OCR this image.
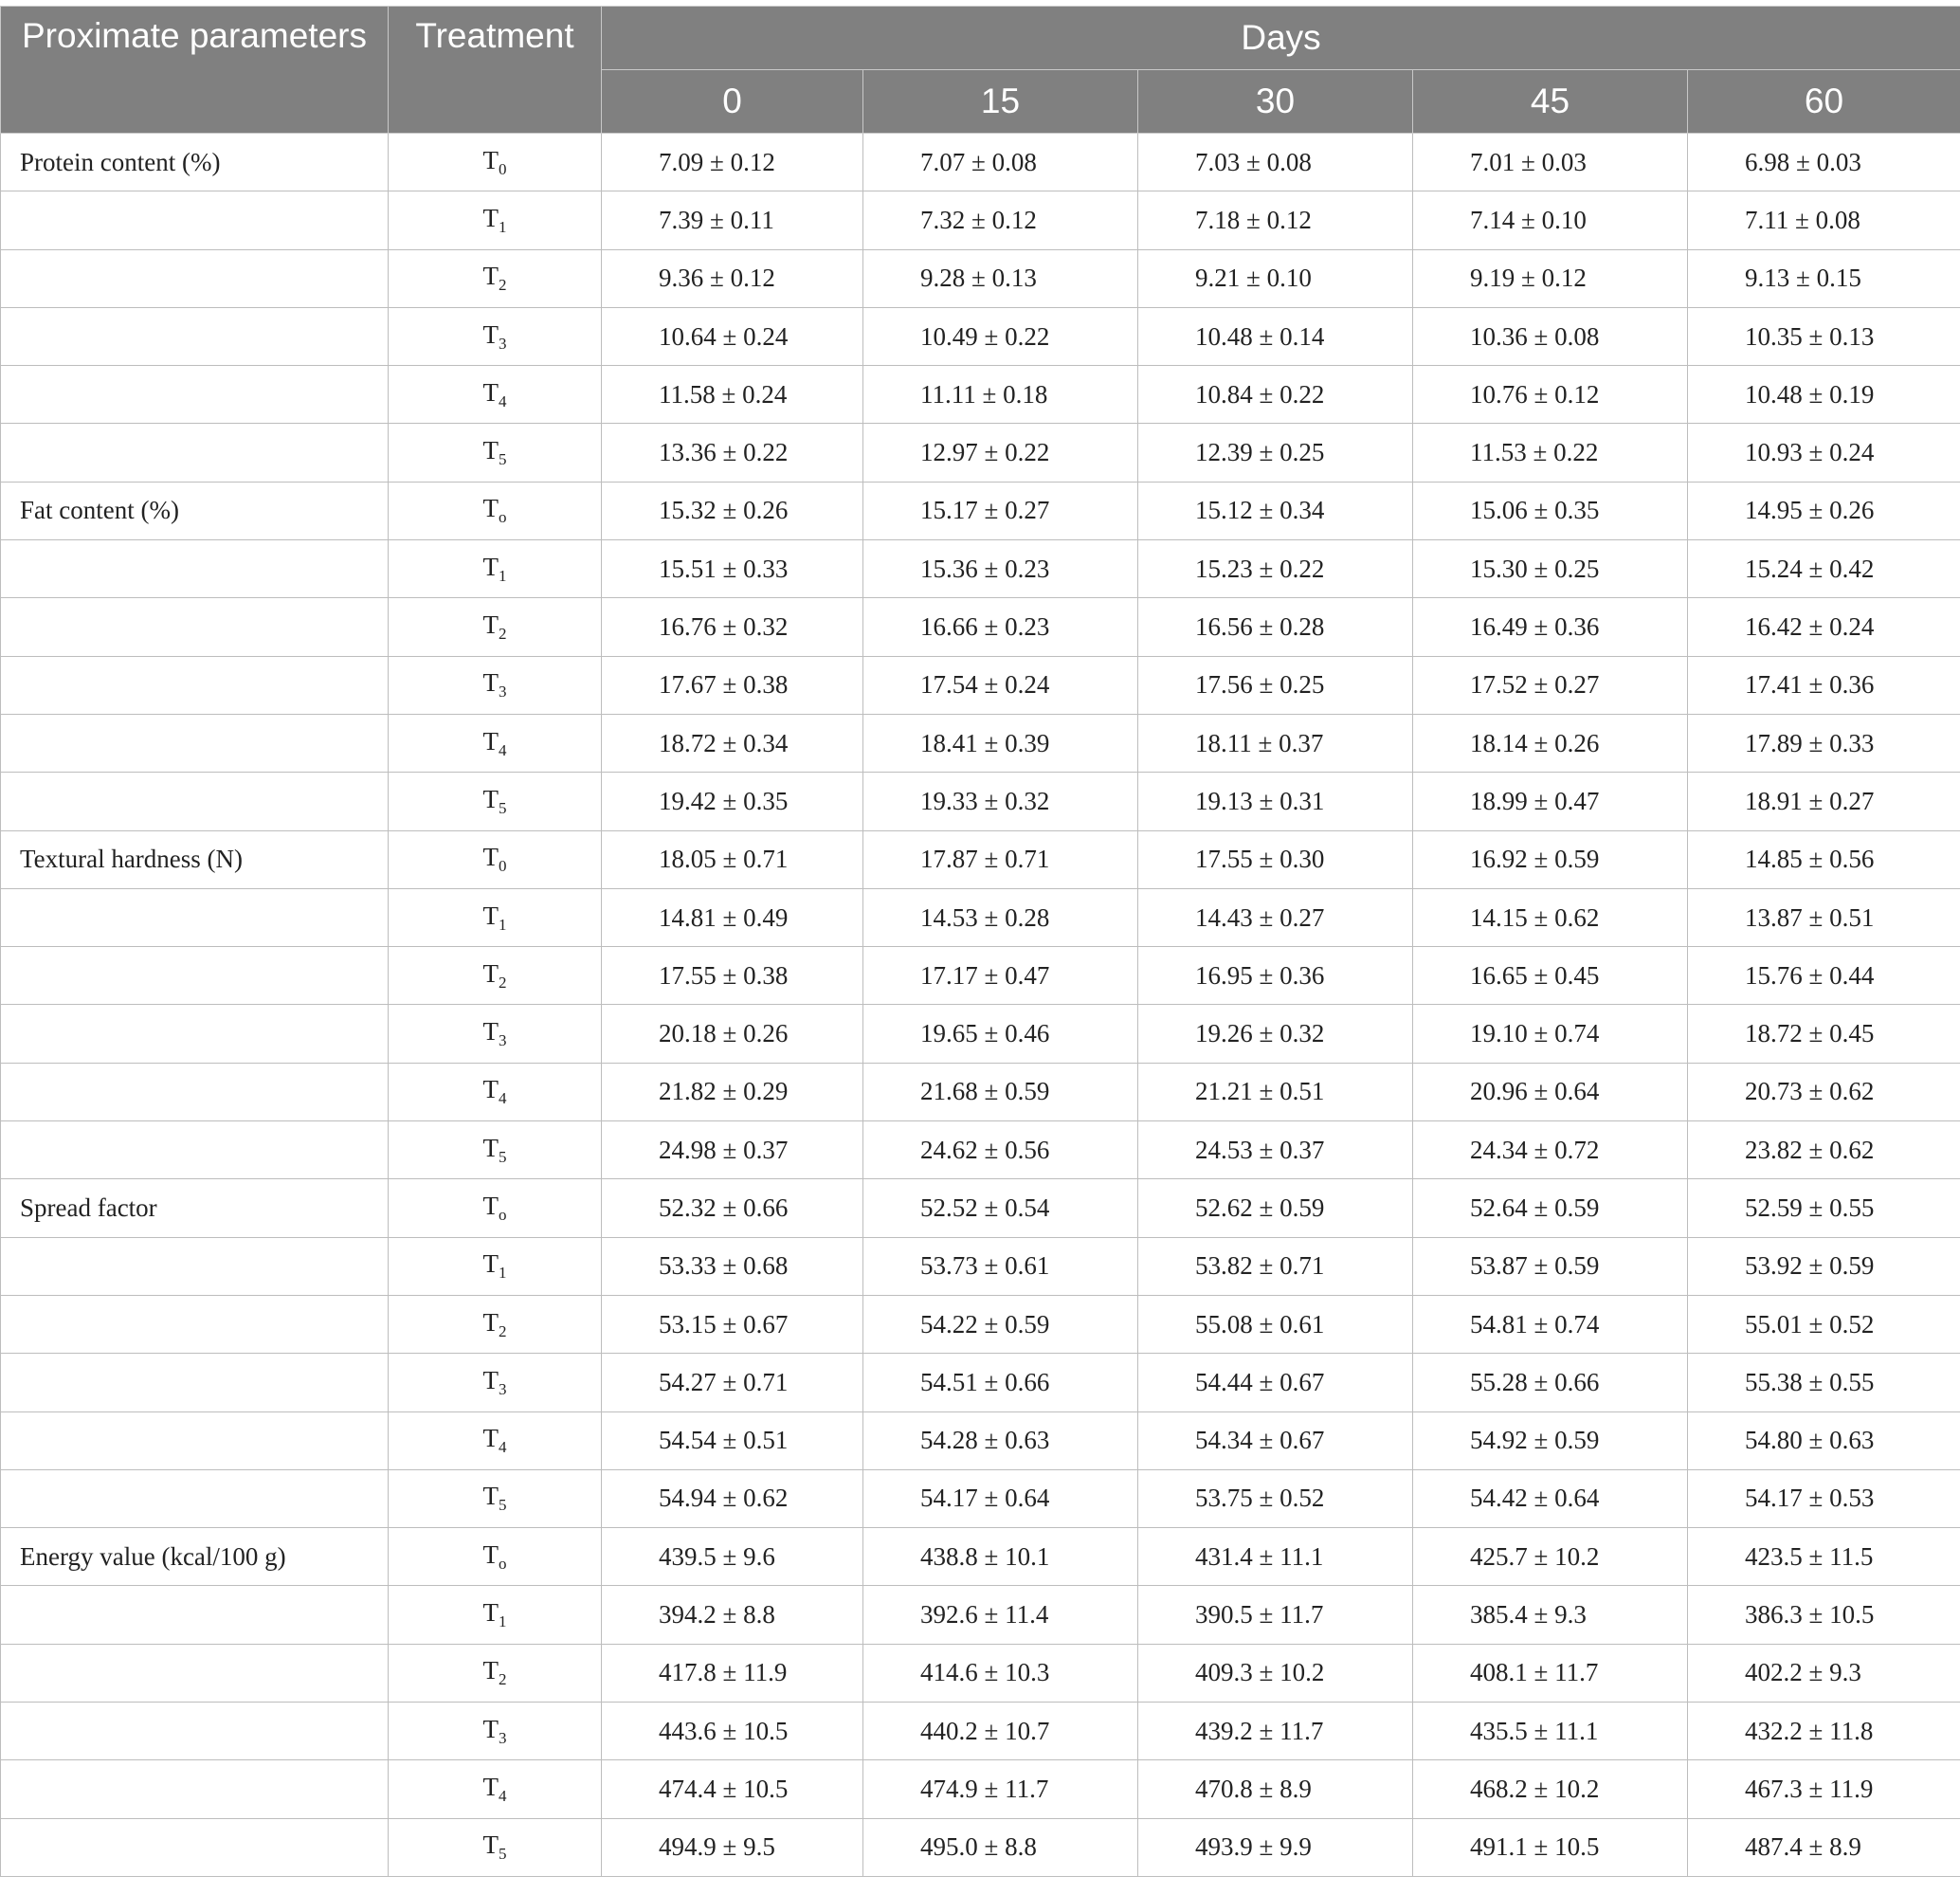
Proximate parameters	Treatment	Days				
		0	15	30	45	60
Protein content (%)	$T_0$	7.09 ± 0.12	7.07 ± 0.08	7.03 ± 0.08	7.01 ± 0.03	6.98 ± 0.03
	$T_1$	7.39 ± 0.11	7.32 ± 0.12	7.18 ± 0.12	7.14 ± 0.10	7.11 ± 0.08
	$T_2$	9.36 ± 0.12	9.28 ± 0.13	9.21 ± 0.10	9.19 ± 0.12	9.13 ± 0.15
	$T_3$	10.64 ± 0.24	10.49 ± 0.22	10.48 ± 0.14	10.36 ± 0.08	10.35 ± 0.13
	$T_4$	11.58 ± 0.24	11.11 ± 0.18	10.84 ± 0.22	10.76 ± 0.12	10.48 ± 0.19
	$T_5$	13.36 ± 0.22	12.97 ± 0.22	12.39 ± 0.25	11.53 ± 0.22	10.93 ± 0.24
Fat content (%)	$T_o$	15.32 ± 0.26	15.17 ± 0.27	15.12 ± 0.34	15.06 ± 0.35	14.95 ± 0.26
	$T_1$	15.51 ± 0.33	15.36 ± 0.23	15.23 ± 0.22	15.30 ± 0.25	15.24 ± 0.42
	$T_2$	16.76 ± 0.32	16.66 ± 0.23	16.56 ± 0.28	16.49 ± 0.36	16.42 ± 0.24
	$T_3$	17.67 ± 0.38	17.54 ± 0.24	17.56 ± 0.25	17.52 ± 0.27	17.41 ± 0.36
	$T_4$	18.72 ± 0.34	18.41 ± 0.39	18.11 ± 0.37	18.14 ± 0.26	17.89 ± 0.33
	$T_5$	19.42 ± 0.35	19.33 ± 0.32	19.13 ± 0.31	18.99 ± 0.47	18.91 ± 0.27
Textural hardness (N)	$T_0$	18.05 ± 0.71	17.87 ± 0.71	17.55 ± 0.30	16.92 ± 0.59	14.85 ± 0.56
	$T_1$	14.81 ± 0.49	14.53 ± 0.28	14.43 ± 0.27	14.15 ± 0.62	13.87 ± 0.51
	$T_2$	17.55 ± 0.38	17.17 ± 0.47	16.95 ± 0.36	16.65 ± 0.45	15.76 ± 0.44
	$T_3$	20.18 ± 0.26	19.65 ± 0.46	19.26 ± 0.32	19.10 ± 0.74	18.72 ± 0.45
	$T_4$	21.82 ± 0.29	21.68 ± 0.59	21.21 ± 0.51	20.96 ± 0.64	20.73 ± 0.62
	$T_5$	24.98 ± 0.37	24.62 ± 0.56	24.53 ± 0.37	24.34 ± 0.72	23.82 ± 0.62
Spread factor	$T_o$	52.32 ± 0.66	52.52 ± 0.54	52.62 ± 0.59	52.64 ± 0.59	52.59 ± 0.55
	$T_1$	53.33 ± 0.68	53.73 ± 0.61	53.82 ± 0.71	53.87 ± 0.59	53.92 ± 0.59
	$T_2$	53.15 ± 0.67	54.22 ± 0.59	55.08 ± 0.61	54.81 ± 0.74	55.01 ± 0.52
	$T_3$	54.27 ± 0.71	54.51 ± 0.66	54.44 ± 0.67	55.28 ± 0.66	55.38 ± 0.55
	$T_4$	54.54 ± 0.51	54.28 ± 0.63	54.34 ± 0.67	54.92 ± 0.59	54.80 ± 0.63
	$T_5$	54.94 ± 0.62	54.17 ± 0.64	53.75 ± 0.52	54.42 ± 0.64	54.17 ± 0.53
Energy value (kcal/100 g)	$T_o$	439.5 ± 9.6	438.8 ± 10.1	431.4 ± 11.1	425.7 ± 10.2	423.5 ± 11.5
	$T_1$	394.2 ± 8.8	392.6 ± 11.4	390.5 ± 11.7	385.4 ± 9.3	386.3 ± 10.5
	$T_2$	417.8 ± 11.9	414.6 ± 10.3	409.3 ± 10.2	408.1 ± 11.7	402.2 ± 9.3
	$T_3$	443.6 ± 10.5	440.2 ± 10.7	439.2 ± 11.7	435.5 ± 11.1	432.2 ± 11.8
	$T_4$	474.4 ± 10.5	474.9 ± 11.7	470.8 ± 8.9	468.2 ± 10.2	467.3 ± 11.9
	$T_5$	494.9 ± 9.5	495.0 ± 8.8	493.9 ± 9.9	491.1 ± 10.5	487.4 ± 8.9
